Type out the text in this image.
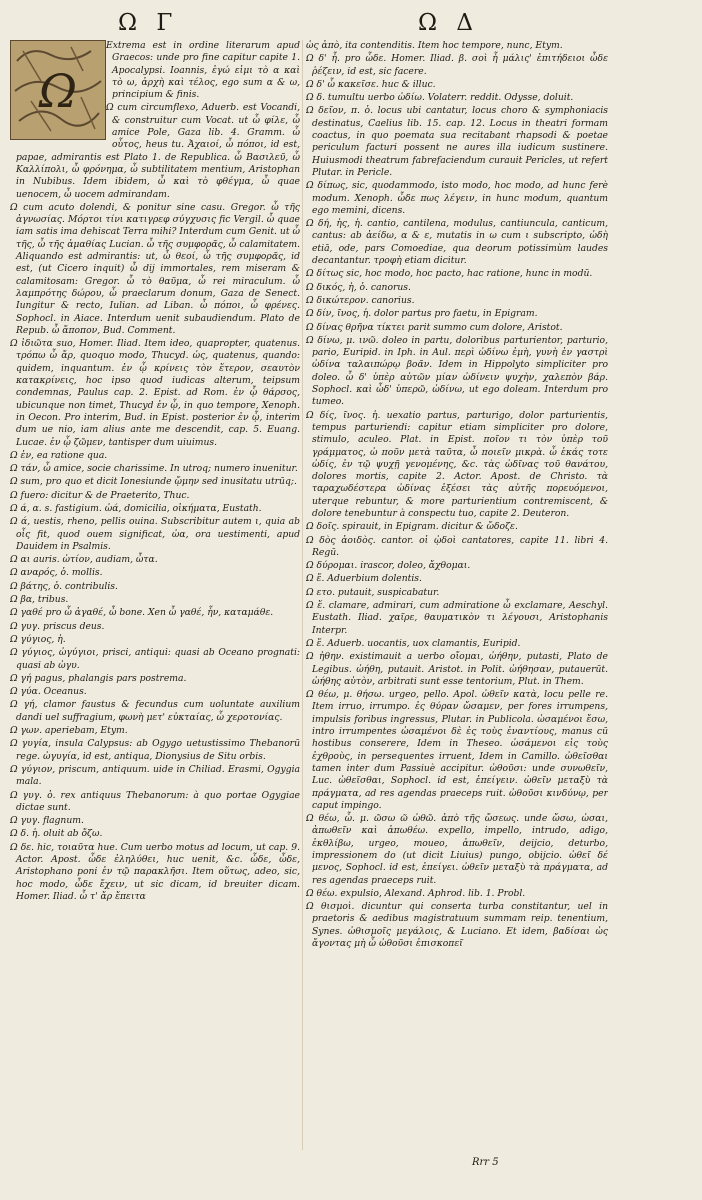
Ω Γ	Ω Δ
Ω

Extrema est in ordine literarum apud Graecos: unde pro fine capitur capite 1. Apocalypsi. Ioannis, ἐγώ εἰμι τὸ α καὶ τὸ ω, ἀρχὴ καὶ τέλος, ego sum α & ω, principium & finis.

Ω cum circumflexo, Aduerb. est Vocandi, & construitur cum Vocat. ut ὦ φίλε, ὦ amice Pole, Gaza lib. 4. Gramm. ὦ οὗτος, heus tu. Ἀχαιοί, ὦ πόποι, id est, papae, admirantis est Plato 1. de Republica. ὦ Βασιλεῦ, ὦ Καλλίπολι, ὦ φρόνημα, ὦ subtilitatem mentium, Aristophan in Nubibus. Idem ibidem, ὦ καὶ τὸ φθέγμα, ὦ quae uenocem, ὦ uocem admirandam.

Ω cum acuto dolendi, & ponitur sine casu. Gregor. ὦ τῆς ἀγνωσίας. Μόρτοι τίνι κατιγρεφ σύγχυσις fic Vergil. ὦ quae iam satis ima dehiscat Terra mihi? Interdum cum Genit. ut ὦ τῆς, ὦ τῆς ἀμαθίας Lucian. ὦ τῆς συμφορᾶς, ὦ calamitatem. Aliquando est admirantis: ut, ὦ θεοί, ὦ τῆς συμφορᾶς, id est, (ut Cicero inquit) ὦ dij immortales, rem miseram & calamitosam: Gregor. ὦ τὸ θαῦμα, ὦ rei miraculum. ὦ λαμπρότης δώρου, ὦ praeclarum donum, Gaza de Senect. Iungitur & recto, Iulian. ad Liban. ὦ πόποι, ὦ φρένες. Sophocl. in Aiace. Interdum uenit subaudiendum. Plato de Repub. ὦ ἄποπον, Bud. Comment.

Ω ἰδιῶτα suo, Homer. Iliad. Item ideo, quapropter, quatenus. τρόπω ὦ ἄρ, quoquo modo, Thucyd. ὡς, quatenus, quando: quidem, inquantum. ἐν ᾧ κρίνεις τὸν ἕτερον, σεαυτὸν κατακρίνεις, hoc ipso quod iudicas alterum, teipsum condemnas, Paulus cap. 2. Epist. ad Rom. ἐν ᾧ θάρσος, ubicunque non timet, Thucyd ἐν ᾧ, in quo tempore, Xenoph. in Oecon. Pro interim, Bud. in Epist. posterior ἐν ᾧ, interim dum ue nio, iam alius ante me descendit, cap. 5. Euang. Lucae. ἐν ᾧ ζῶμεν, tantisper dum uiuimus.

Ω ἐν, ea ratione qua.

Ω τάν, ὦ amice, socie charissime. In utroq; numero inuenitur.

Ω sum, pro quo et dicit Ionesiunde ᾤμην sed inusitatu utrūq;.

Ω fuero: dicitur & de Praeterito, Thuc.

Ω ά, α. s. fastigium. ὠά, domicilia, οἰκήματα, Eustath.

Ω ά, uestis, rheno, pellis ouina. Subscribitur autem ι, quia ab οἶς fit, quod ouem significat, ὠα, ora uestimenti, apud Dauidem in Psalmis.

Ω αι auris. ὠτίον, audiam, ὦτα.

Ω αναρός, ὁ. mollis.

Ω βάτης, ὁ. contribulis.

Ω βα, tribus.

Ω γαθέ pro ὦ ἀγαθέ, ὦ bone. Xen ὦ γαθέ, ἦν, καταμάθε.

Ω γυγ. priscus deus.

Ω γύγιος, ἡ.

Ω γύγιος, ὠγύγιοι, prisci, antiqui: quasi ab Oceano prognati: quasi ab ὠγυ.

Ω γή pagus, phalangis pars postrema.

Ω γύα. Oceanus.

Ω γή, clamor faustus & fecundus cum uoluntate auxilium dandi uel suffragium, φωνὴ μετ' εὐκταίας, ὦ χεροτονίας.

Ω γων. aperiebam, Etym.

Ω γυγία, insula Calypsus: ab Ogygo uetustissimo Thebanorū rege. ὠγυγία, id est, antiqua, Dionysius de Situ orbis.

Ω γύγιον, priscum, antiquum. uide in Chiliad. Erasmi, Ogygia mala.

Ω γυγ. ὁ. rex antiquus Thebanorum: à quo portae Ogygiae dictae sunt.

Ω γυγ. flagnum.

Ω δ. ἡ. oluit ab ὄζω.

Ω δε. hic, τοιαῦτα hue. Cum uerbo motus ad locum, ut cap. 9. Actor. Apost. ὦδε ἐληλύθει, huc uenit, &c. ὦδε, ὧδε, Aristophano poni ἐν τῷ παρακλῆσι. Item οὕτως, adeo, sic, hoc modo, ὦδε ἔχειν, ut sic dicam, id breuiter dicam. Homer. Iliad. ὦ τ' ἄρ ἔπειτα

ὡς ἀπὸ, ita contenditis. Item hoc tempore, nunc, Etym.

Ω δ' ἦ. pro ὦδε. Homer. Iliad. β. σοὶ ἦ μάλις' ἐπιτήδειοι ὦδε ῥέζειν, id est, sic facere.

Ω δ' ὧ κακεῖσε. huc & illuc.

Ω δ. tumultu uerbo ὠδίω. Volaterr. reddit. Odysse, doluit.

Ω δεῖον, π. ὁ. locus ubi cantatur, locus choro & symphoniacis destinatus, Caelius lib. 15. cap. 12. Locus in theatri formam coactus, in quo poemata sua recitabant rhapsodi & poetae periculum facturi possent ne aures illa iudicum sustinere. Huiusmodi theatrum fabrefaciendum curauit Pericles, ut refert Plutar. in Pericle.

Ω δίπως, sic, quodammodo, isto modo, hoc modo, ad hunc ferè modum. Xenoph. ὦδε πως λέγειν, in hunc modum, quantum ego memini, dicens.

Ω δή, ἡς, ἡ. cantio, cantilena, modulus, cantiuncula, canticum, cantus: ab ἀείδω, α & ε, mutatis in ω cum ι subscripto, ὠδὴ etiā, ode, pars Comoediae, qua deorum potissimùm laudes decantantur. τροφὴ etiam dicitur.

Ω δίτως sic, hoc modo, hoc pacto, hac ratione, hunc in modū.

Ω δικός, ἡ, ὁ. canorus.

Ω δικώτερον. canorius.

Ω δίν, ῖνος, ἡ. dolor partus pro faetu, in Epigram.

Ω δίνας θρῆνα τίκτει parit summo cum dolore, Aristot.

Ω δίνω, μ. ινῶ. doleo in partu, doloribus parturientor, parturio, pario, Euripid. in Iph. in Aul. περὶ ὠδίνω ἐμὴ, γυνὴ ἐν γαστρὶ ὠδίνα ταλαιπώρῳ βοᾶν. Idem in Hippolyto simpliciter pro doleo. ὦ δ' ὑπὲρ αὐτῶν μίαν ὠδίνειν ψυχὴν, χαλεπὸν βάρ. Sophocl. καὶ ὧδ' ὑπερῶ, ὠδίνω, ut ego doleam. Interdum pro tumeo.

Ω δίς, ῖνος. ἡ. uexatio partus, parturigo, dolor parturientis, tempus parturiendi: capitur etiam simpliciter pro dolore, stimulo, aculeo. Plat. in Epist. ποῖον τι τὸν ὑπὲρ τοῦ γράμματος, ὠ ποῦν μετὰ ταῦτα, ὦ ποιεῖν μικρὰ. ὦ ἑκάς τοτε ὠδίς, ἐν τῷ ψυχῇ γενομένης, &c. τὰς ὠδῖνας τοῦ θανάτου, dolores mortis, capite 2. Actor. Apost. de Christo. τὰ ταραχωδέστερα ὠδίνας ἐξέσει τὰς αὐτῆς πορευόμενοι, uterque rebuntur, & more parturientium contremiscent, & dolore tenebuntur à conspectu tuo, capite 2. Deuteron.

Ω δοῖς. spirauit, in Epigram. dicitur & ὤδοζε.

Ω δὸς ἀοιδὸς. cantor. οἱ ᾠδοὶ cantatores, capite 11. libri 4. Regū.

Ω δύρομαι. irascor, doleo, ἄχθομαι.

Ω ἕ. Aduerbium dolentis.

Ω ετο. putauit, suspicabatur.

Ω ἕ. clamare, admirari, cum admiratione ὦ exclamare, Aeschyl. Eustath. Iliad. χαῖρε, θαυματικὸν τι λέγουσι, Aristophanis Interpr.

Ω ἕ. Aduerb. uocantis, uox clamantis, Euripid.

Ω ἠθην. existimauit a uerbo οἴομαι, ὠήθην, putasti, Plato de Legibus. ὠήθη, putauit. Aristot. in Polit. ὠήθησαν, putauerūt. ὠήθης αὐτὸν, arbitrati sunt esse tentorium, Plut. in Them.

Ω θέω, μ. θήσω. urgeo, pello. Apol. ὠθεῖν κατὰ, locu pelle re. Item irruo, irrumpo. ἐς θύραν ὤσαμεν, per fores irrumpens, impulsis foribus ingressus, Plutar. in Publicola. ὠσαμένοι ἔσω, intro irrumpentes ὠσαμένοι δὲ ἐς τοὺς ἐναντίους, manus cū hostibus conserere, Idem in Theseo. ὠσάμενοι εἰς τοὺς ἐχθροὺς, in persequentes irruent, Idem in Camillo. ὠθεῖσθαι tamen inter dum Passiuè accipitur. ὠθοῦσι: unde συνωθεῖν, Luc. ὠθεῖσθαι, Sophocl. id est, ἐπείγειν. ὠθεῖν μεταξὺ τὰ πράγματα, ad res agendas praeceps ruit. ὠθοῦσι κινδύνῳ, per caput impingo.

Ω θέω, ὦ. μ. ῶσω ῶ ὠθῶ. ἀπὸ τῆς ὤσεως. unde ὤσω, ὠσαι, ἀπωθεῖν καὶ ἀπωθέω. expello, impello, intrudo, adigo, ἐκθλίβω, urgeo, moueo, ἀπωθεῖν, deijcio, deturbo, impressionem do (ut dicit Liuius) pungo, obijcio. ὠθεῖ δέ μενος, Sophocl. id est, ἐπείγει. ὠθεῖν μεταξὺ τὰ πράγματα, ad res agendas praeceps ruit.

Ω θέω. expulsio, Alexand. Aphrod. lib. 1. Probl.

Ω θισμοὶ. dicuntur qui conserta turba constitantur, uel in praetoris & aedibus magistratuum summam reip. tenentium, Synes. ὠθισμοῖς μεγάλοις, & Luciano. Et idem, βαδίσαι ὠς ἄγοντας μὴ ὦ ὠθοῦσι ἐπισκοπεῖ

Rrr 5
